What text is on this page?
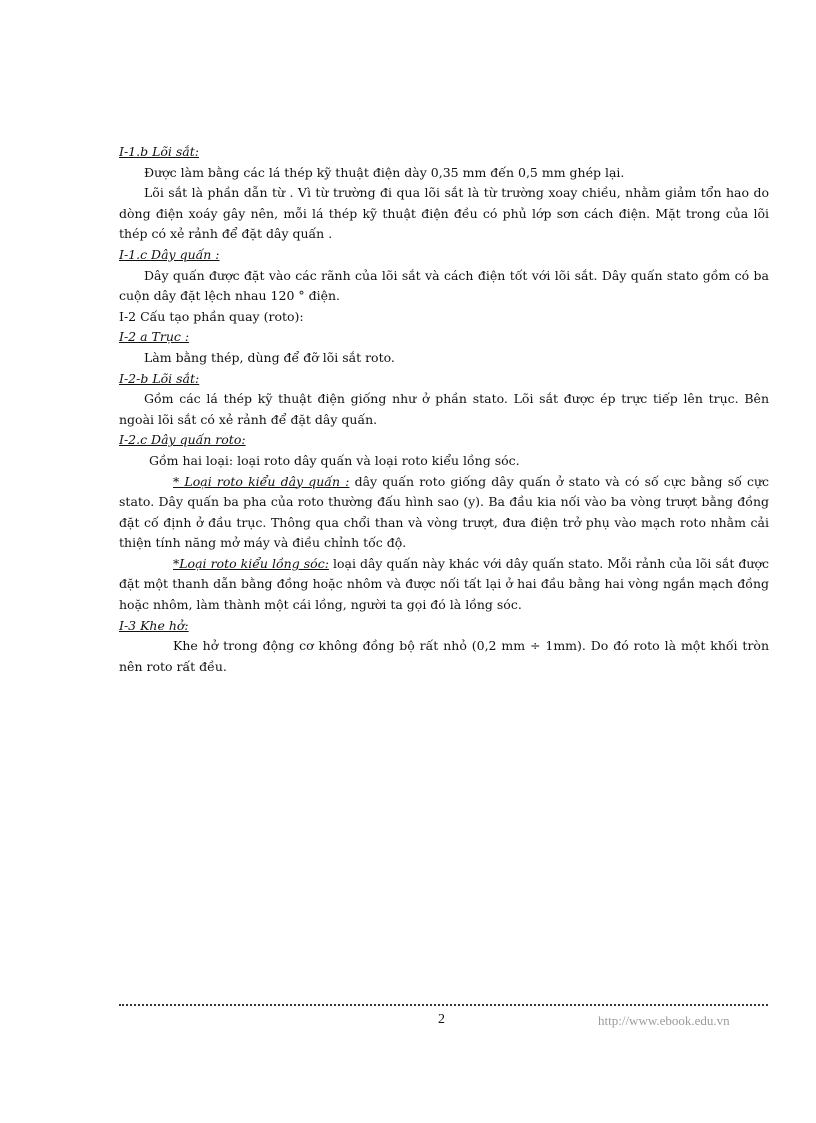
I-1.b Lõi sắt:

Được làm bằng các lá thép kỹ thuật điện dày 0,35 mm đến 0,5 mm ghép lại.

Lõi sắt là phần dẫn từ . Vì từ trường đi qua lõi sắt là từ trường xoay chiều, nhằm giảm tổn hao do dòng điện xoáy gây nên, mỗi lá thép kỹ thuật điện đều có phủ lớp sơn cách điện. Mặt trong của lõi thép có xẻ rảnh để đặt dây quấn .

I-1.c Dây quấn :

Dây quấn được đặt vào các rãnh của lõi sắt và cách điện tốt với lõi sắt. Dây quấn stato gồm có ba cuộn dây đặt lệch nhau 120 ° điện.

I-2 Cấu tạo phần quay (roto):

I-2 a Trục :

Làm bằng thép, dùng để đỡ lõi sắt roto.

I-2-b Lõi sắt:

Gồm các lá thép kỹ thuật điện giống như ở phần stato. Lõi sắt được ép trực tiếp lên trục. Bên ngoài lõi sắt có xẻ rảnh để đặt dây quấn.

I-2.c Dây quấn roto:

Gồm hai loại: loại roto dây quấn và loại roto kiểu lồng sóc.

* Loại roto kiểu dây quấn : dây quấn roto giống dây quấn ở stato và có số cực bằng số cực stato. Dây quấn ba pha của roto thường đấu hình sao (y). Ba đầu kia nối vào ba vòng trượt bằng đồng đặt cố định ở đầu trục. Thông qua chổi than và vòng trượt, đưa điện trở phụ vào mạch roto nhằm cải thiện tính năng mở máy và điều chỉnh tốc độ.

*Loại roto kiểu lồng sóc: loại dây quấn này khác với dây quấn stato. Mỗi rảnh của lõi sắt được đặt một thanh dẫn bằng đồng hoặc nhôm và được nối tất lại ở hai đầu bằng hai vòng ngắn mạch đồng hoặc nhôm, làm thành một cái lồng, người ta gọi đó là lồng sóc.

I-3 Khe hở:

Khe hở trong động cơ không đồng bộ rất nhỏ (0,2 mm ÷ 1mm). Do đó roto là một khối tròn nên roto rất đều.

2	http://www.ebook.edu.vn
